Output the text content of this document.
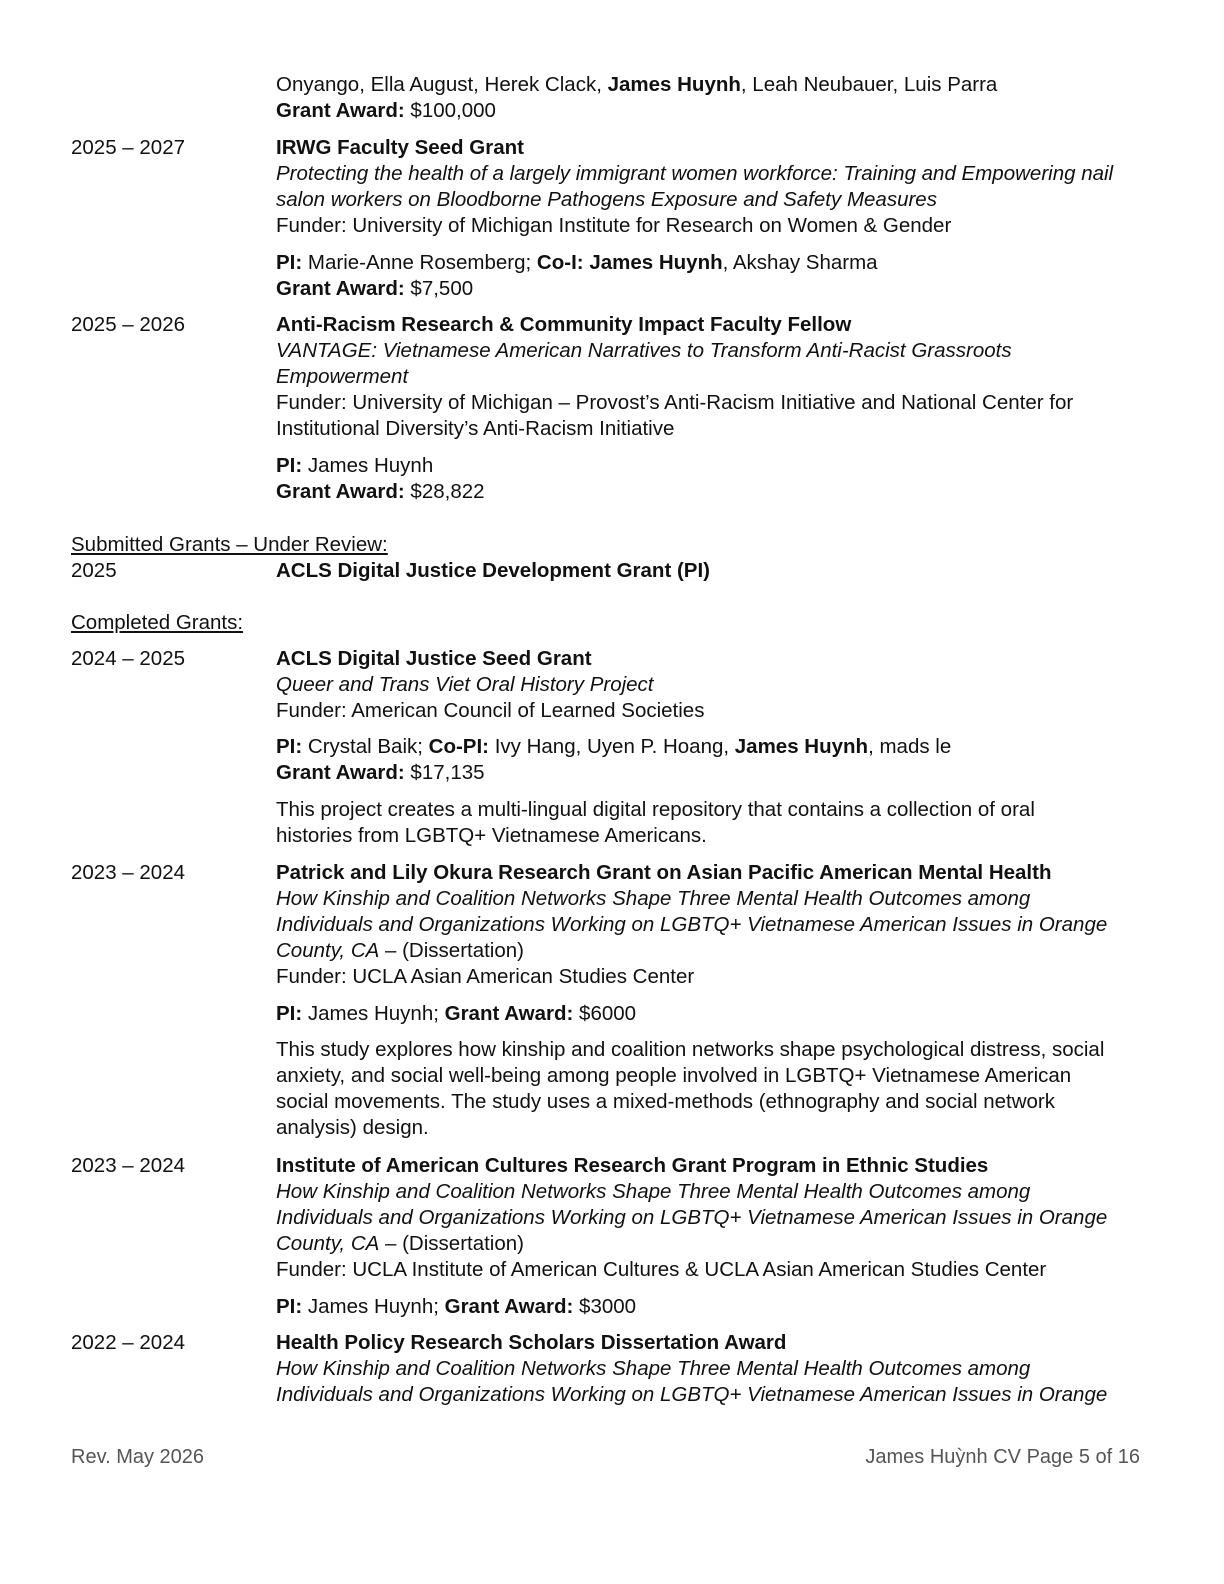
Onyango, Ella August, Herek Clack, James Huynh, Leah Neubauer, Luis Parra
Grant Award: $100,000
2025 – 2027	IRWG Faculty Seed Grant
Protecting the health of a largely immigrant women workforce: Training and Empowering nail
salon workers on Bloodborne Pathogens Exposure and Safety Measures
Funder: University of Michigan Institute for Research on Women & Gender
PI: Marie-Anne Rosemberg; Co-I: James Huynh, Akshay Sharma
Grant Award: $7,500
2025 – 2026	Anti-Racism Research & Community Impact Faculty Fellow
VANTAGE: Vietnamese American Narratives to Transform Anti-Racist Grassroots
Empowerment
Funder: University of Michigan – Provost’s Anti-Racism Initiative and National Center for
Institutional Diversity’s Anti-Racism Initiative
PI: James Huynh
Grant Award: $28,822
Submitted Grants – Under Review:
2025	ACLS Digital Justice Development Grant (PI)
Completed Grants:
2024 – 2025	ACLS Digital Justice Seed Grant
Queer and Trans Viet Oral History Project
Funder: American Council of Learned Societies
PI: Crystal Baik; Co-PI: Ivy Hang, Uyen P. Hoang, James Huynh, mads le
Grant Award: $17,135
This project creates a multi-lingual digital repository that contains a collection of oral
histories from LGBTQ+ Vietnamese Americans.
2023 – 2024	Patrick and Lily Okura Research Grant on Asian Pacific American Mental Health
How Kinship and Coalition Networks Shape Three Mental Health Outcomes among
Individuals and Organizations Working on LGBTQ+ Vietnamese American Issues in Orange
County, CA – (Dissertation)
Funder: UCLA Asian American Studies Center
PI: James Huynh; Grant Award: $6000
This study explores how kinship and coalition networks shape psychological distress, social
anxiety, and social well-being among people involved in LGBTQ+ Vietnamese American
social movements. The study uses a mixed-methods (ethnography and social network
analysis) design.
2023 – 2024	Institute of American Cultures Research Grant Program in Ethnic Studies
How Kinship and Coalition Networks Shape Three Mental Health Outcomes among
Individuals and Organizations Working on LGBTQ+ Vietnamese American Issues in Orange
County, CA – (Dissertation)
Funder: UCLA Institute of American Cultures & UCLA Asian American Studies Center
PI: James Huynh; Grant Award: $3000
2022 – 2024	Health Policy Research Scholars Dissertation Award
How Kinship and Coalition Networks Shape Three Mental Health Outcomes among
Individuals and Organizations Working on LGBTQ+ Vietnamese American Issues in Orange
Rev. May 2026	James Huỳnh CV Page 5 of 16
